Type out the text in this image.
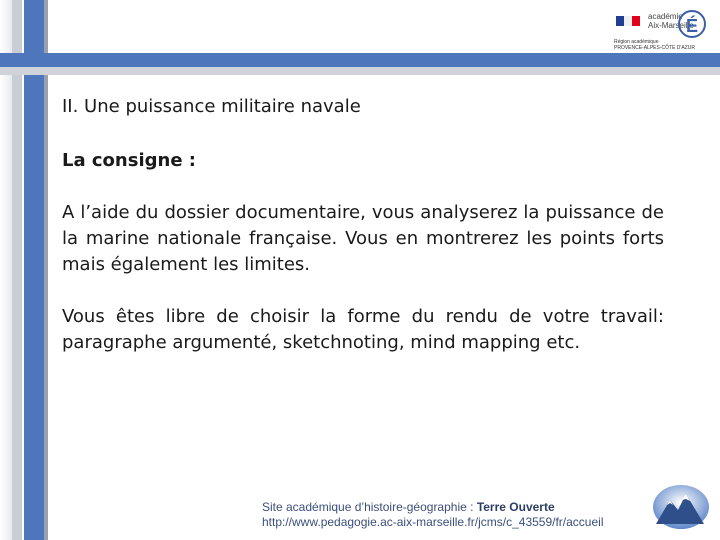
académie
Aix-Marseille
É
Région académique
PROVENCE-ALPES-CÔTE D'AZUR
II. Une puissance militaire navale

La consigne :

A l’aide du dossier documentaire, vous analyserez la puissance de la marine nationale française. Vous en montrerez les points forts mais également les limites.

Vous êtes libre de choisir la forme du rendu de votre travail: paragraphe argumenté, sketchnoting, mind mapping etc.

Site académique d’histoire-géographie : Terre Ouverte
http://www.pedagogie.ac-aix-marseille.fr/jcms/c_43559/fr/accueil
